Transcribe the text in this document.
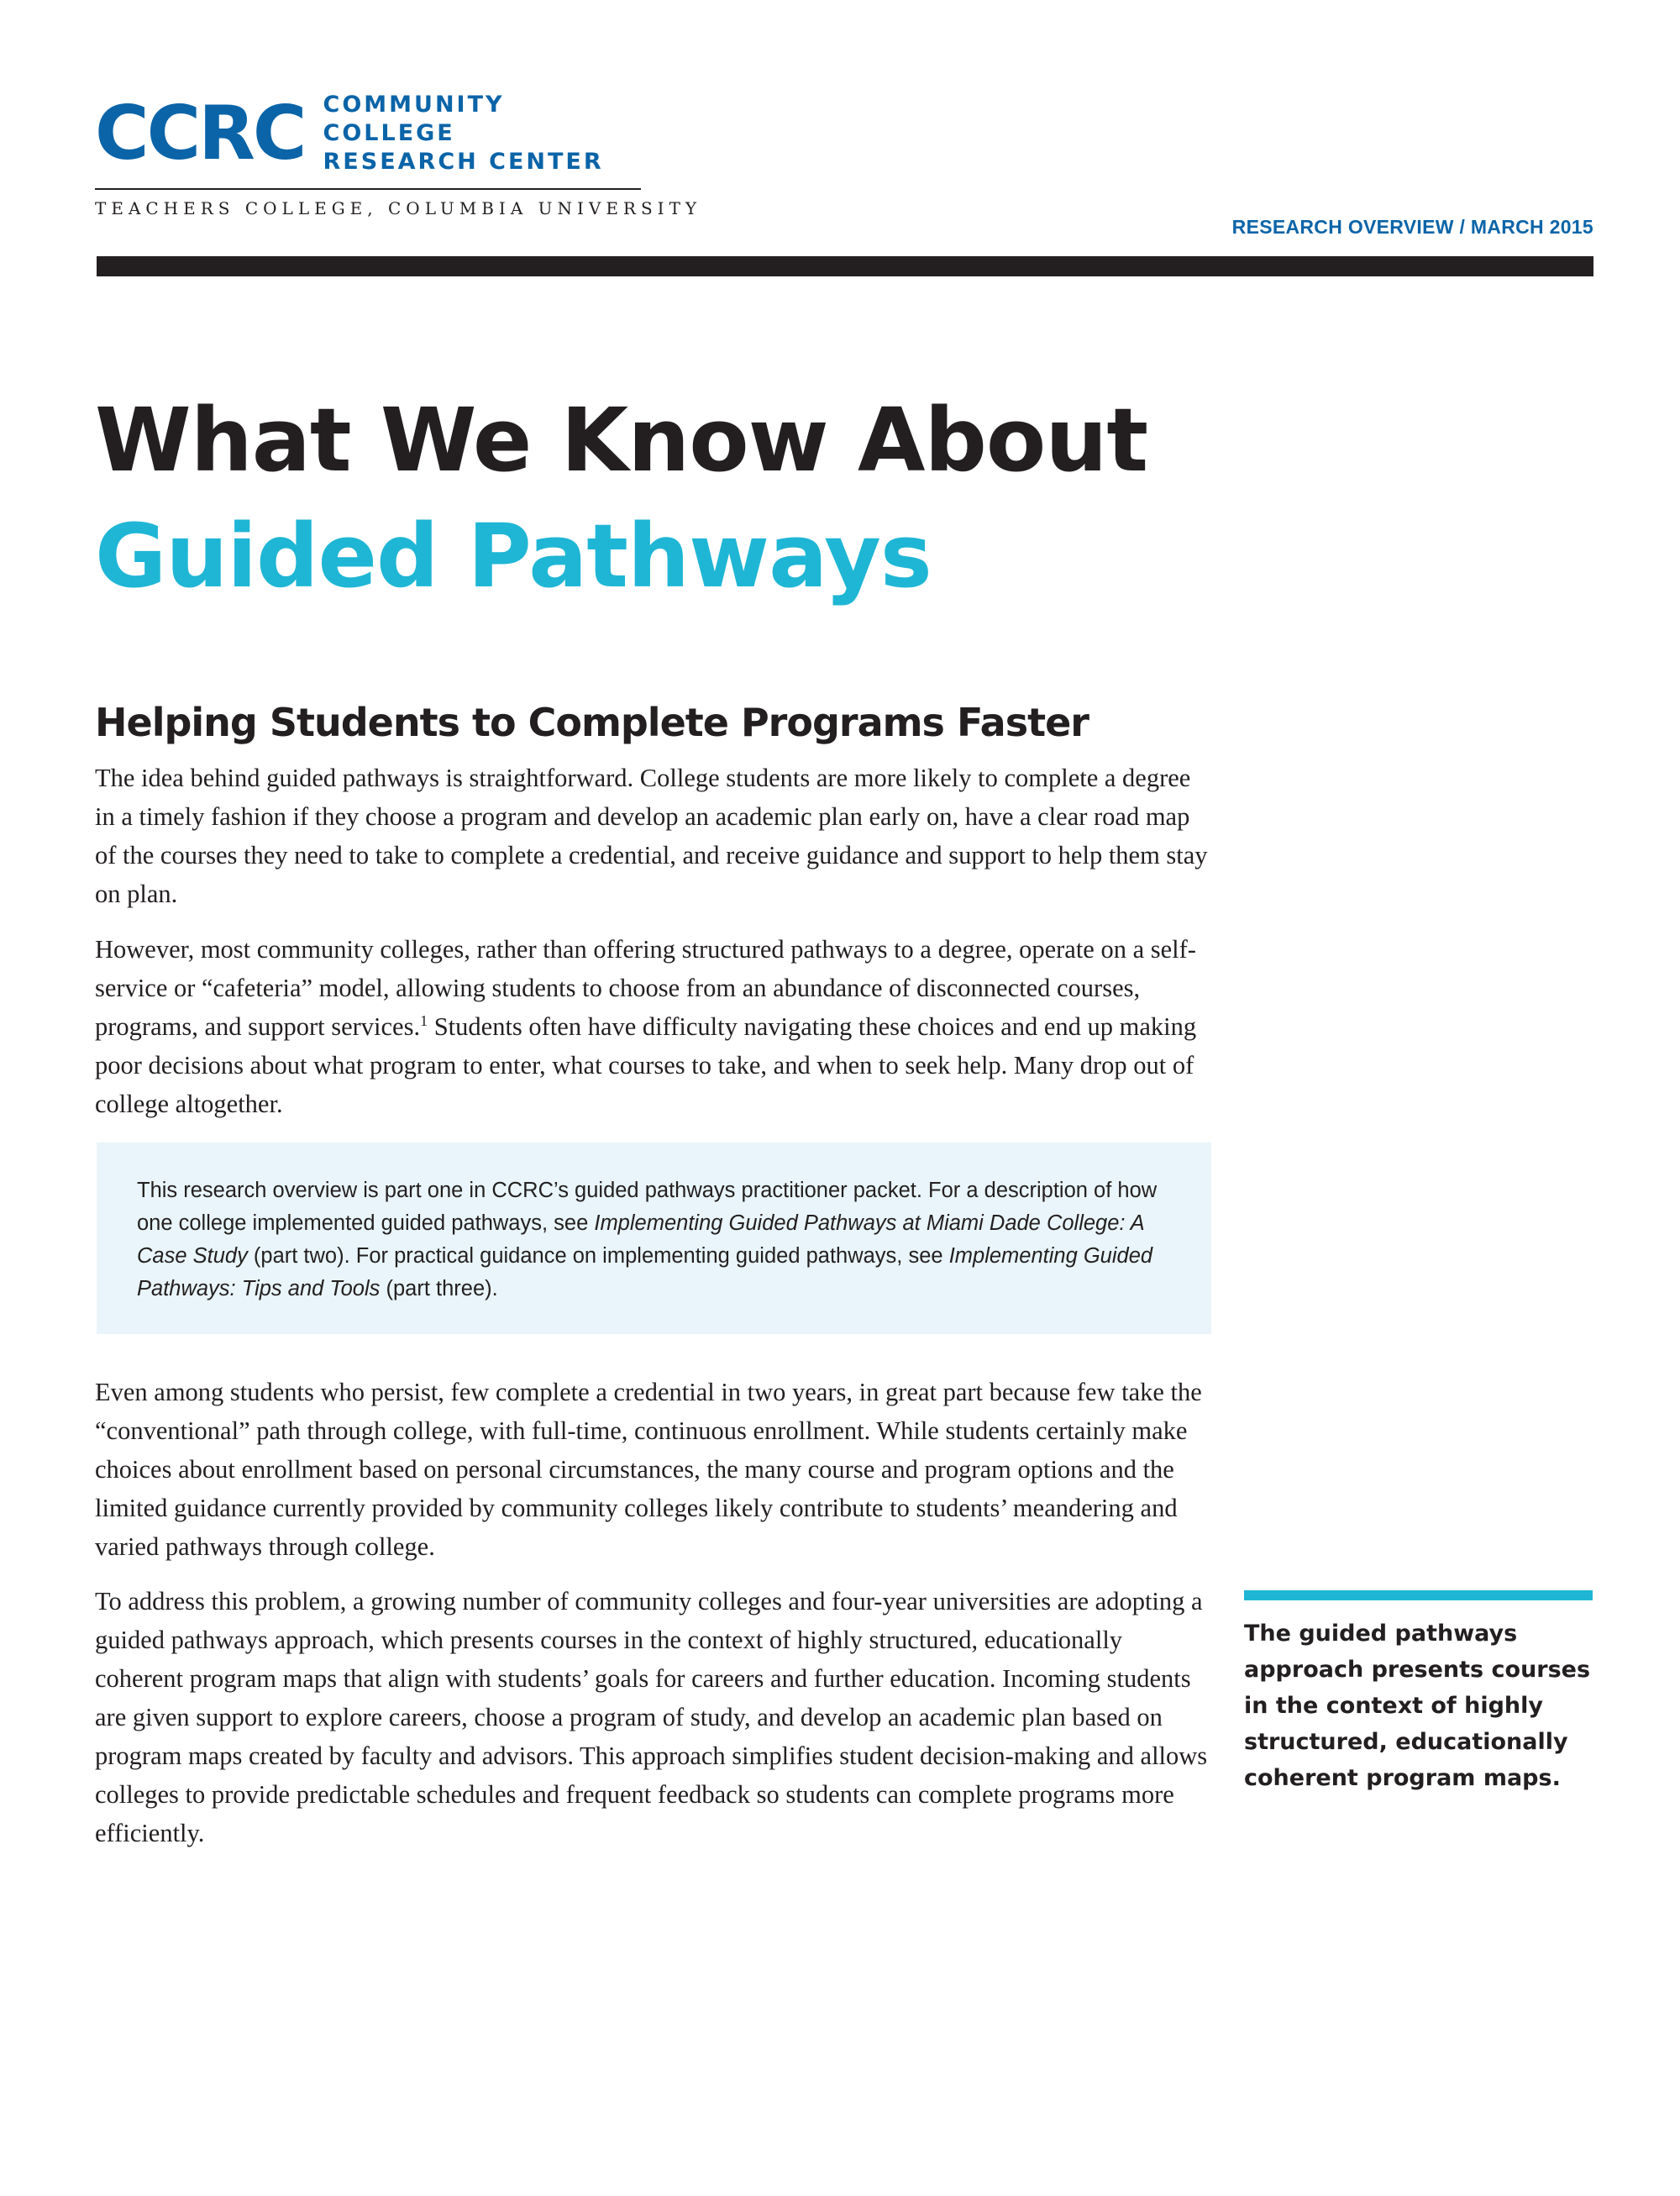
CCRC COMMUNITY COLLEGE
RESEARCH CENTER
TEACHERS COLLEGE, COLUMBIA UNIVERSITY
RESEARCH OVERVIEW / MARCH 2015
What We Know About
Guided Pathways
Helping Students to Complete Programs Faster

The idea behind guided pathways is straightforward. College students are more likely to complete a degree in a timely fashion if they choose a program and develop an academic plan early on, have a clear road map of the courses they need to take to complete a credential, and receive guidance and support to help them stay on plan.

However, most community colleges, rather than offering structured pathways to a degree, operate on a self-service or “cafeteria” model, allowing students to choose from an abundance of disconnected courses, programs, and support services.$^1$ Students often have difficulty navigating these choices and end up making poor decisions about what program to enter, what courses to take, and when to seek help. Many drop out of college altogether.

This research overview is part one in CCRC’s guided pathways practitioner packet. For a description of how one college implemented guided pathways, see Implementing Guided Pathways at Miami Dade College: A Case Study (part two). For practical guidance on implementing guided pathways, see Implementing Guided Pathways: Tips and Tools (part three).

Even among students who persist, few complete a credential in two years, in great part because few take the “conventional” path through college, with full-time, continuous enrollment. While students certainly make choices about enrollment based on personal circumstances, the many course and program options and the limited guidance currently provided by community colleges likely contribute to students’ meandering and varied pathways through college.

To address this problem, a growing number of community colleges and four-year universities are adopting a guided pathways approach, which presents courses in the context of highly structured, educationally coherent program maps that align with students’ goals for careers and further education. Incoming students are given support to explore careers, choose a program of study, and develop an academic plan based on program maps created by faculty and advisors. This approach simplifies student decision-making and allows colleges to provide predictable schedules and frequent feedback so students can complete programs more efficiently.

The guided pathways approach presents courses in the context of highly structured, educationally coherent program maps.
